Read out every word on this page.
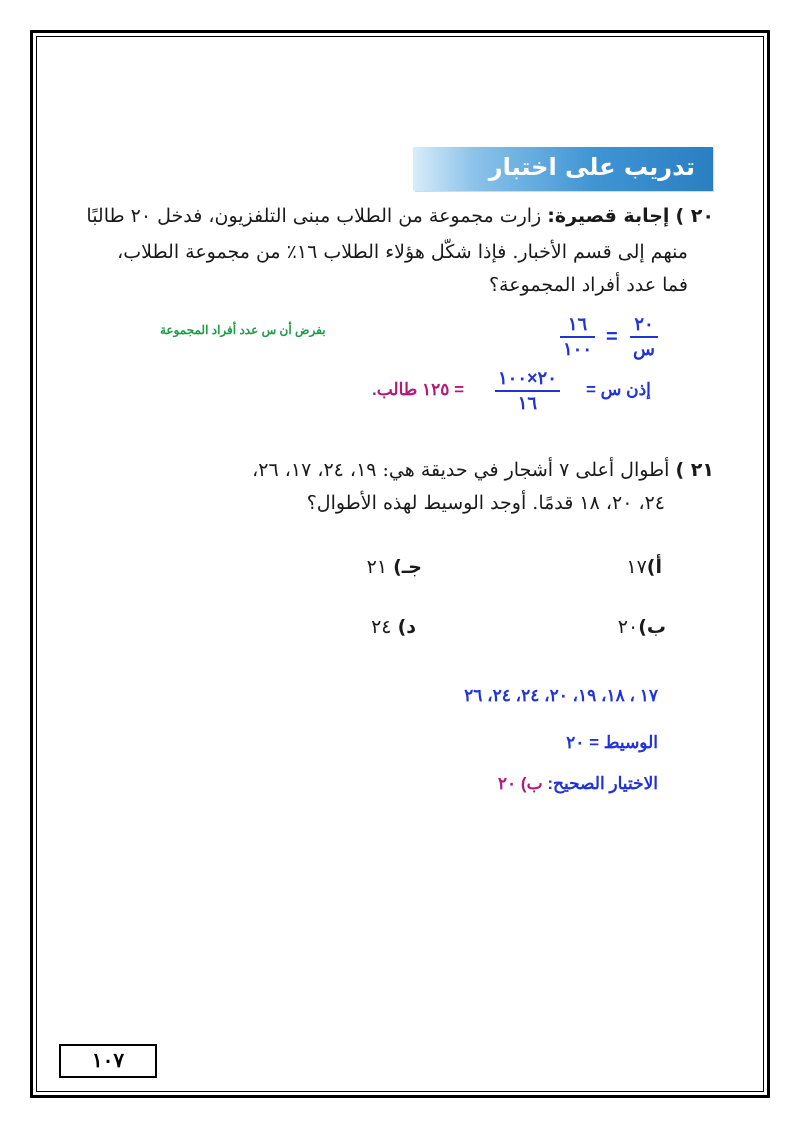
تدريب على اختبار
٢٠ ) إجابة قصيرة: زارت مجموعة من الطلاب مبنى التلفزيون، فدخل ٢٠ طالبًا
منهم إلى قسم الأخبار. فإذا شكّل هؤلاء الطلاب ١٦٪ من مجموعة الطلاب،
فما عدد أفراد المجموعة؟
بفرض أن س عدد أفراد المجموعة	٢٠
س
=
١٦
١٠٠
إذن س =
٢٠×١٠٠
١٦
= ١٢٥ طالب.
٢١ ) أطوال أعلى ٧ أشجار في حديقة هي: ١٩، ٢٤، ١٧، ٢٦،
٢٤، ٢٠، ١٨ قدمًا. أوجد الوسيط لهذه الأطوال؟
أ)١٧
جـ) ٢١
ب)٢٠
د) ٢٤
١٧ ، ١٨، ١٩، ٢٠، ٢٤، ٢٤، ٢٦
الوسيط = ٢٠
الاختيار الصحيح: ب) ٢٠
١٠٧
